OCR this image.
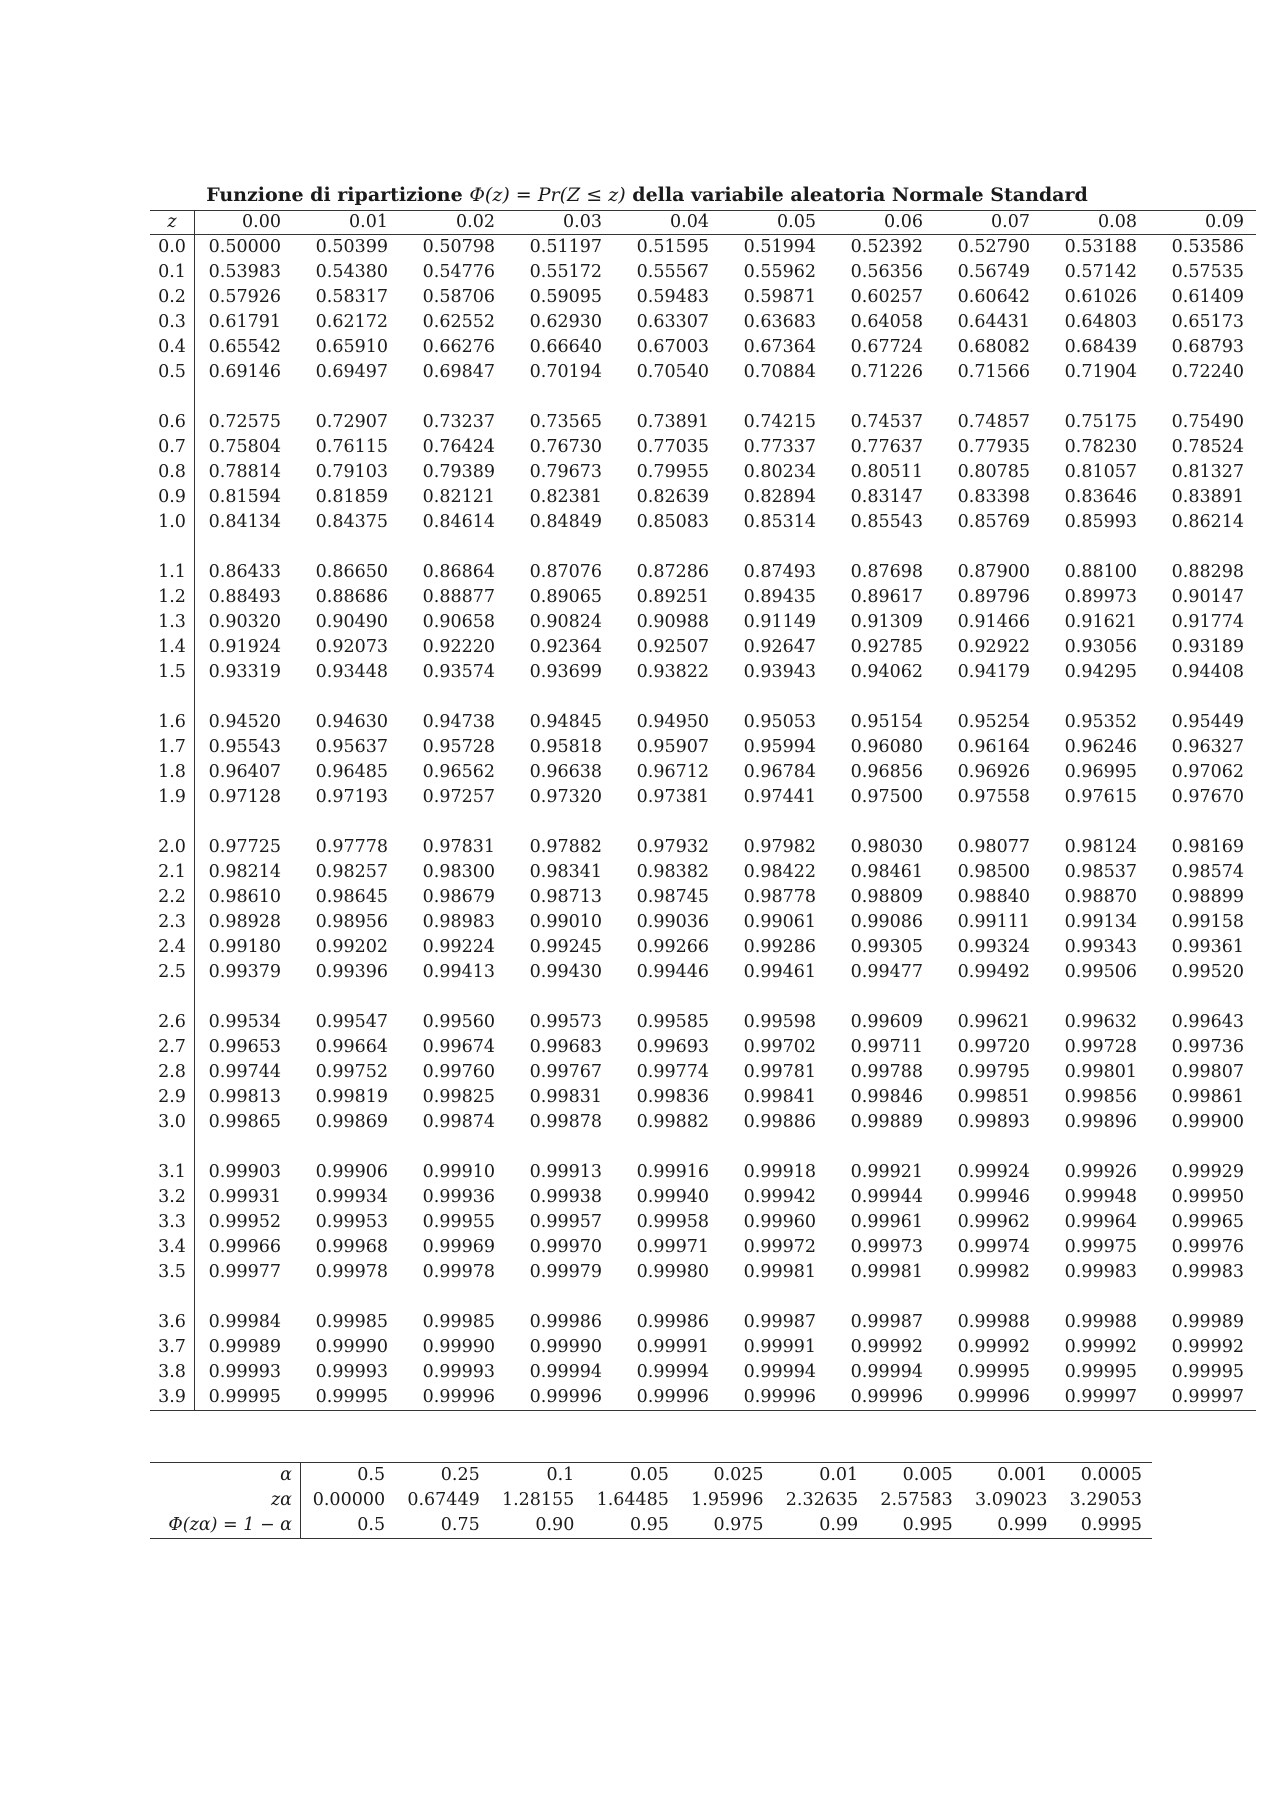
Funzione di ripartizione Φ(z) = Pr(Z ≤ z) della variabile aleatoria Normale Standard
z	0.00	0.01	0.02	0.03	0.04	0.05	0.06	0.07	0.08	0.09
0.0	0.50000	0.50399	0.50798	0.51197	0.51595	0.51994	0.52392	0.52790	0.53188	0.53586
0.1	0.53983	0.54380	0.54776	0.55172	0.55567	0.55962	0.56356	0.56749	0.57142	0.57535
0.2	0.57926	0.58317	0.58706	0.59095	0.59483	0.59871	0.60257	0.60642	0.61026	0.61409
0.3	0.61791	0.62172	0.62552	0.62930	0.63307	0.63683	0.64058	0.64431	0.64803	0.65173
0.4	0.65542	0.65910	0.66276	0.66640	0.67003	0.67364	0.67724	0.68082	0.68439	0.68793
0.5	0.69146	0.69497	0.69847	0.70194	0.70540	0.70884	0.71226	0.71566	0.71904	0.72240

0.6	0.72575	0.72907	0.73237	0.73565	0.73891	0.74215	0.74537	0.74857	0.75175	0.75490
0.7	0.75804	0.76115	0.76424	0.76730	0.77035	0.77337	0.77637	0.77935	0.78230	0.78524
0.8	0.78814	0.79103	0.79389	0.79673	0.79955	0.80234	0.80511	0.80785	0.81057	0.81327
0.9	0.81594	0.81859	0.82121	0.82381	0.82639	0.82894	0.83147	0.83398	0.83646	0.83891
1.0	0.84134	0.84375	0.84614	0.84849	0.85083	0.85314	0.85543	0.85769	0.85993	0.86214

1.1	0.86433	0.86650	0.86864	0.87076	0.87286	0.87493	0.87698	0.87900	0.88100	0.88298
1.2	0.88493	0.88686	0.88877	0.89065	0.89251	0.89435	0.89617	0.89796	0.89973	0.90147
1.3	0.90320	0.90490	0.90658	0.90824	0.90988	0.91149	0.91309	0.91466	0.91621	0.91774
1.4	0.91924	0.92073	0.92220	0.92364	0.92507	0.92647	0.92785	0.92922	0.93056	0.93189
1.5	0.93319	0.93448	0.93574	0.93699	0.93822	0.93943	0.94062	0.94179	0.94295	0.94408

1.6	0.94520	0.94630	0.94738	0.94845	0.94950	0.95053	0.95154	0.95254	0.95352	0.95449
1.7	0.95543	0.95637	0.95728	0.95818	0.95907	0.95994	0.96080	0.96164	0.96246	0.96327
1.8	0.96407	0.96485	0.96562	0.96638	0.96712	0.96784	0.96856	0.96926	0.96995	0.97062
1.9	0.97128	0.97193	0.97257	0.97320	0.97381	0.97441	0.97500	0.97558	0.97615	0.97670

2.0	0.97725	0.97778	0.97831	0.97882	0.97932	0.97982	0.98030	0.98077	0.98124	0.98169
2.1	0.98214	0.98257	0.98300	0.98341	0.98382	0.98422	0.98461	0.98500	0.98537	0.98574
2.2	0.98610	0.98645	0.98679	0.98713	0.98745	0.98778	0.98809	0.98840	0.98870	0.98899
2.3	0.98928	0.98956	0.98983	0.99010	0.99036	0.99061	0.99086	0.99111	0.99134	0.99158
2.4	0.99180	0.99202	0.99224	0.99245	0.99266	0.99286	0.99305	0.99324	0.99343	0.99361
2.5	0.99379	0.99396	0.99413	0.99430	0.99446	0.99461	0.99477	0.99492	0.99506	0.99520

2.6	0.99534	0.99547	0.99560	0.99573	0.99585	0.99598	0.99609	0.99621	0.99632	0.99643
2.7	0.99653	0.99664	0.99674	0.99683	0.99693	0.99702	0.99711	0.99720	0.99728	0.99736
2.8	0.99744	0.99752	0.99760	0.99767	0.99774	0.99781	0.99788	0.99795	0.99801	0.99807
2.9	0.99813	0.99819	0.99825	0.99831	0.99836	0.99841	0.99846	0.99851	0.99856	0.99861
3.0	0.99865	0.99869	0.99874	0.99878	0.99882	0.99886	0.99889	0.99893	0.99896	0.99900

3.1	0.99903	0.99906	0.99910	0.99913	0.99916	0.99918	0.99921	0.99924	0.99926	0.99929
3.2	0.99931	0.99934	0.99936	0.99938	0.99940	0.99942	0.99944	0.99946	0.99948	0.99950
3.3	0.99952	0.99953	0.99955	0.99957	0.99958	0.99960	0.99961	0.99962	0.99964	0.99965
3.4	0.99966	0.99968	0.99969	0.99970	0.99971	0.99972	0.99973	0.99974	0.99975	0.99976
3.5	0.99977	0.99978	0.99978	0.99979	0.99980	0.99981	0.99981	0.99982	0.99983	0.99983

3.6	0.99984	0.99985	0.99985	0.99986	0.99986	0.99987	0.99987	0.99988	0.99988	0.99989
3.7	0.99989	0.99990	0.99990	0.99990	0.99991	0.99991	0.99992	0.99992	0.99992	0.99992
3.8	0.99993	0.99993	0.99993	0.99994	0.99994	0.99994	0.99994	0.99995	0.99995	0.99995
3.9	0.99995	0.99995	0.99996	0.99996	0.99996	0.99996	0.99996	0.99996	0.99997	0.99997
α	0.5	0.25	0.1	0.05	0.025	0.01	0.005	0.001	0.0005
zα	0.00000	0.67449	1.28155	1.64485	1.95996	2.32635	2.57583	3.09023	3.29053
Φ(zα) = 1 − α	0.5	0.75	0.90	0.95	0.975	0.99	0.995	0.999	0.9995
